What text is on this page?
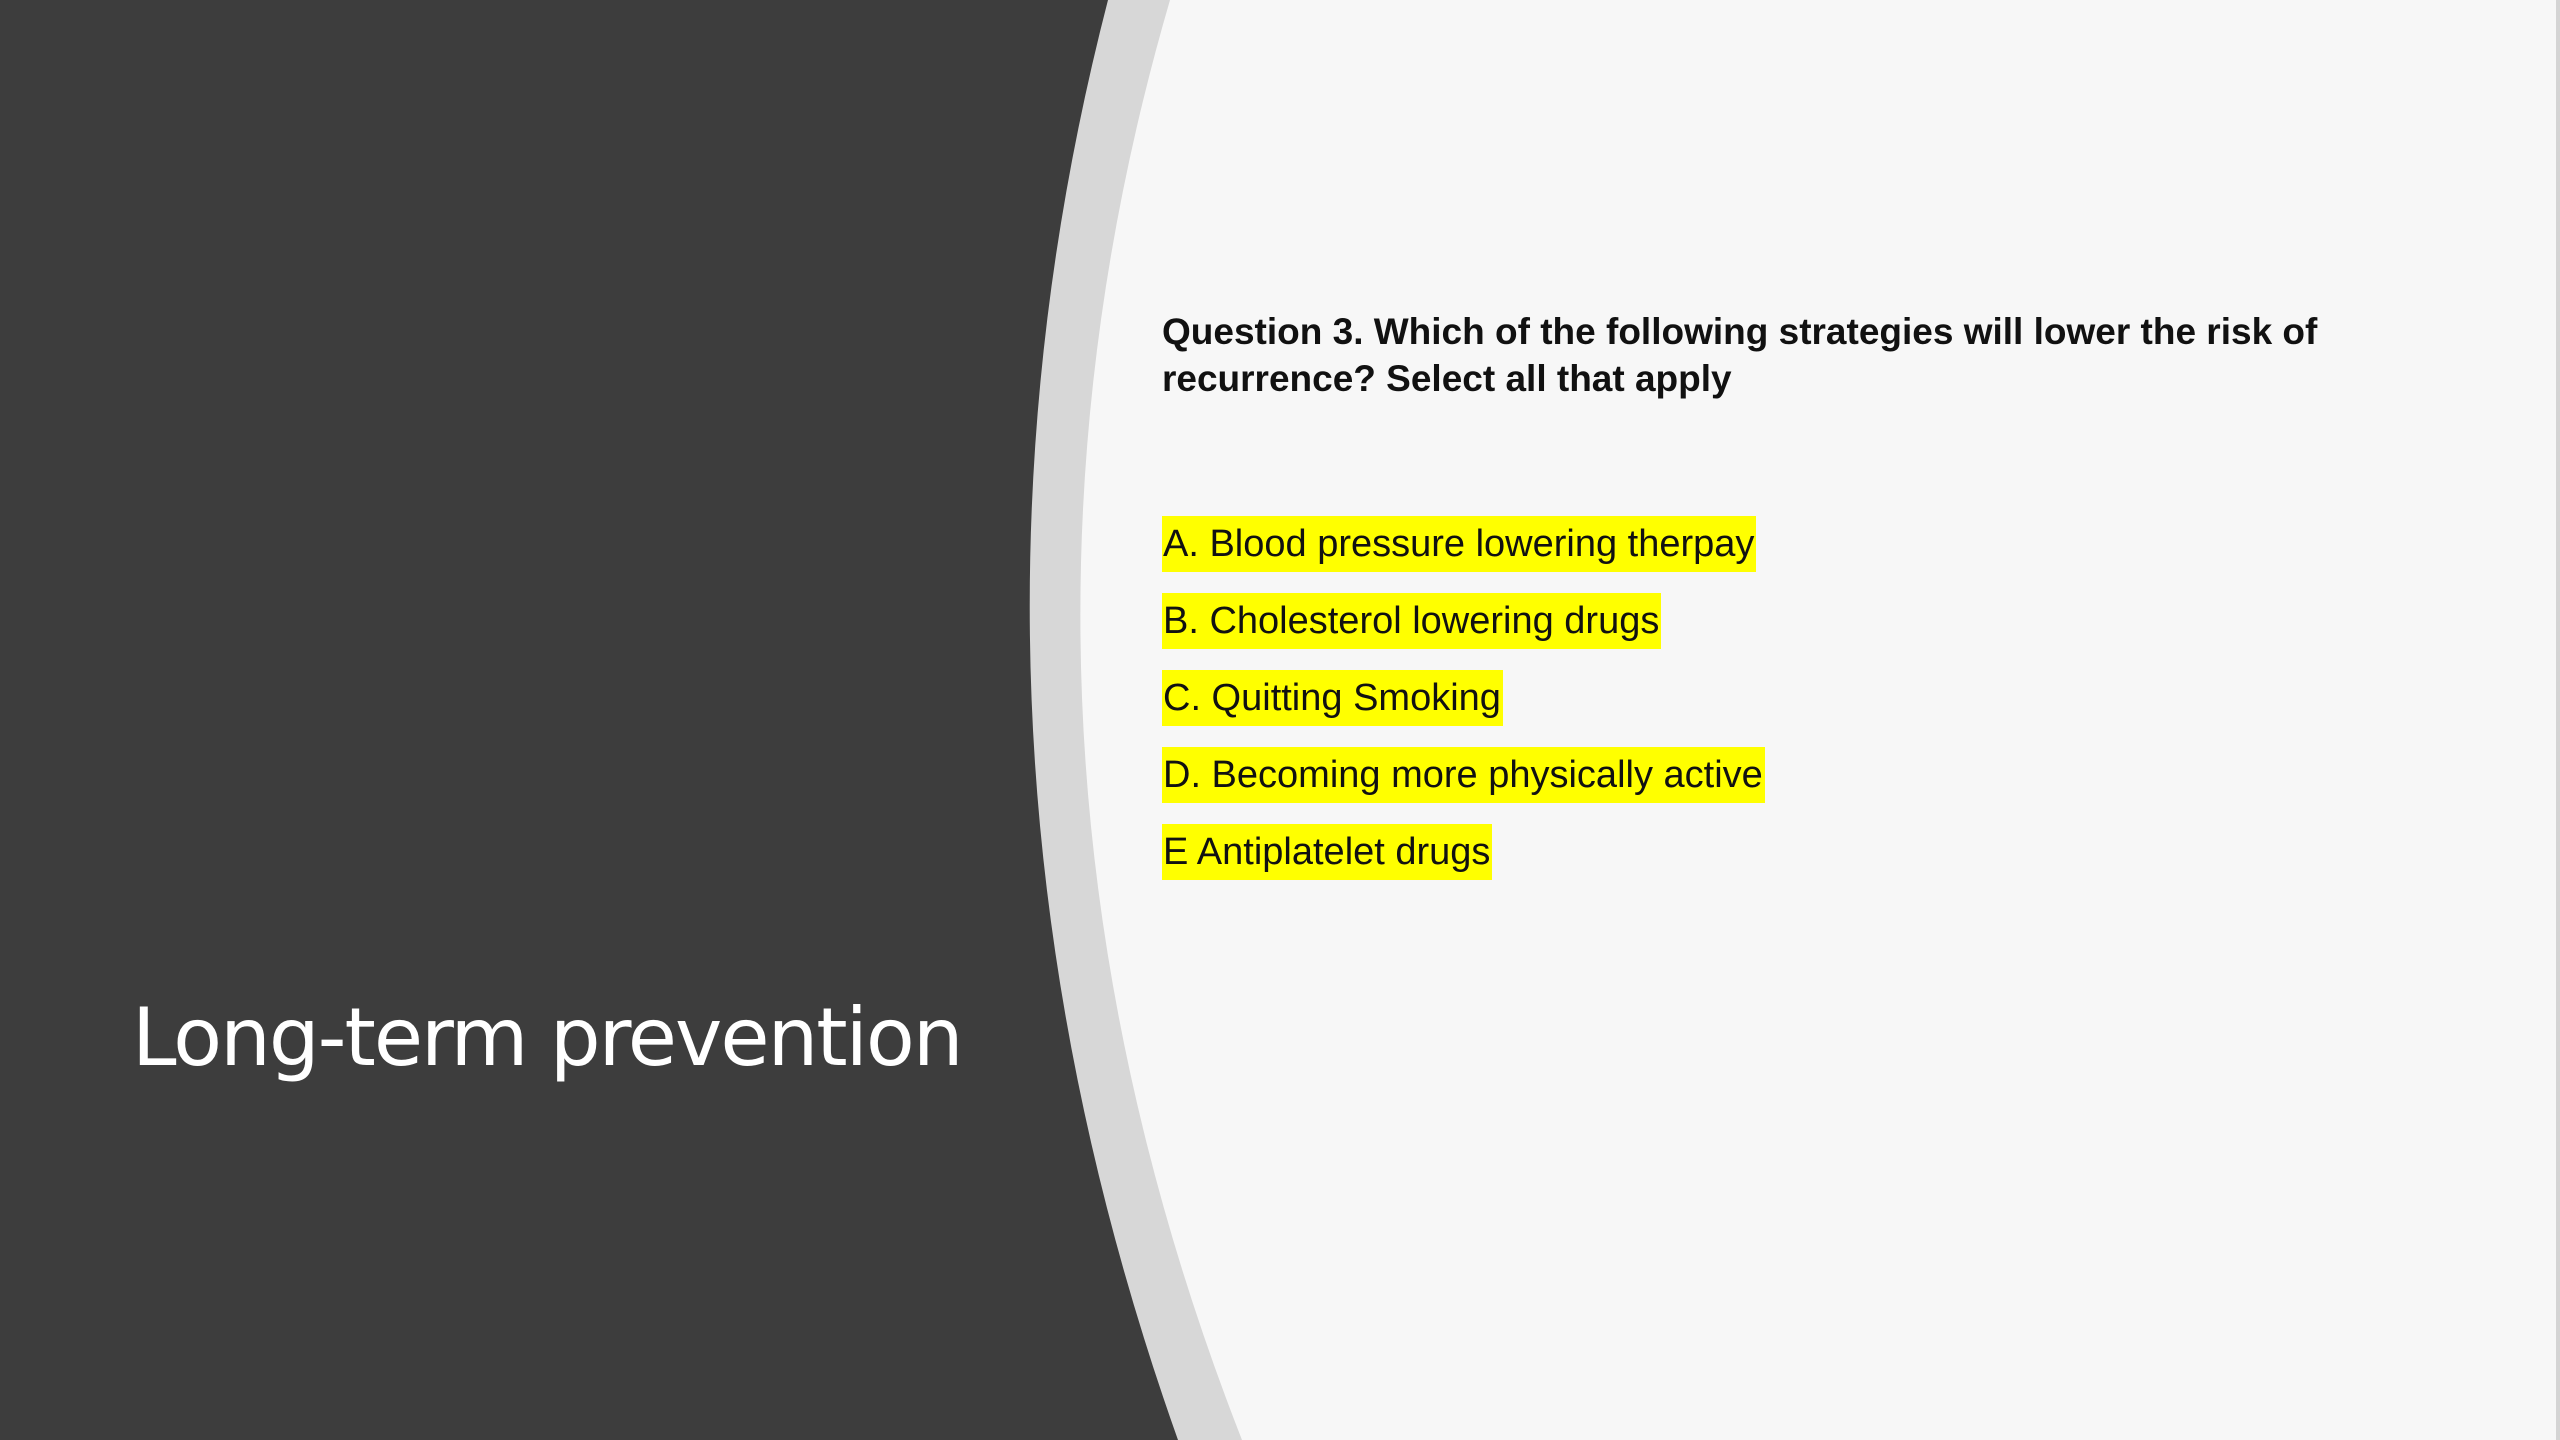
Long-term prevention

Question 3. Which of the following strategies will lower the risk of recurrence? Select all that apply

A. Blood pressure lowering therpay
B. Cholesterol lowering drugs
C. Quitting Smoking
D. Becoming more physically active
E Antiplatelet drugs
